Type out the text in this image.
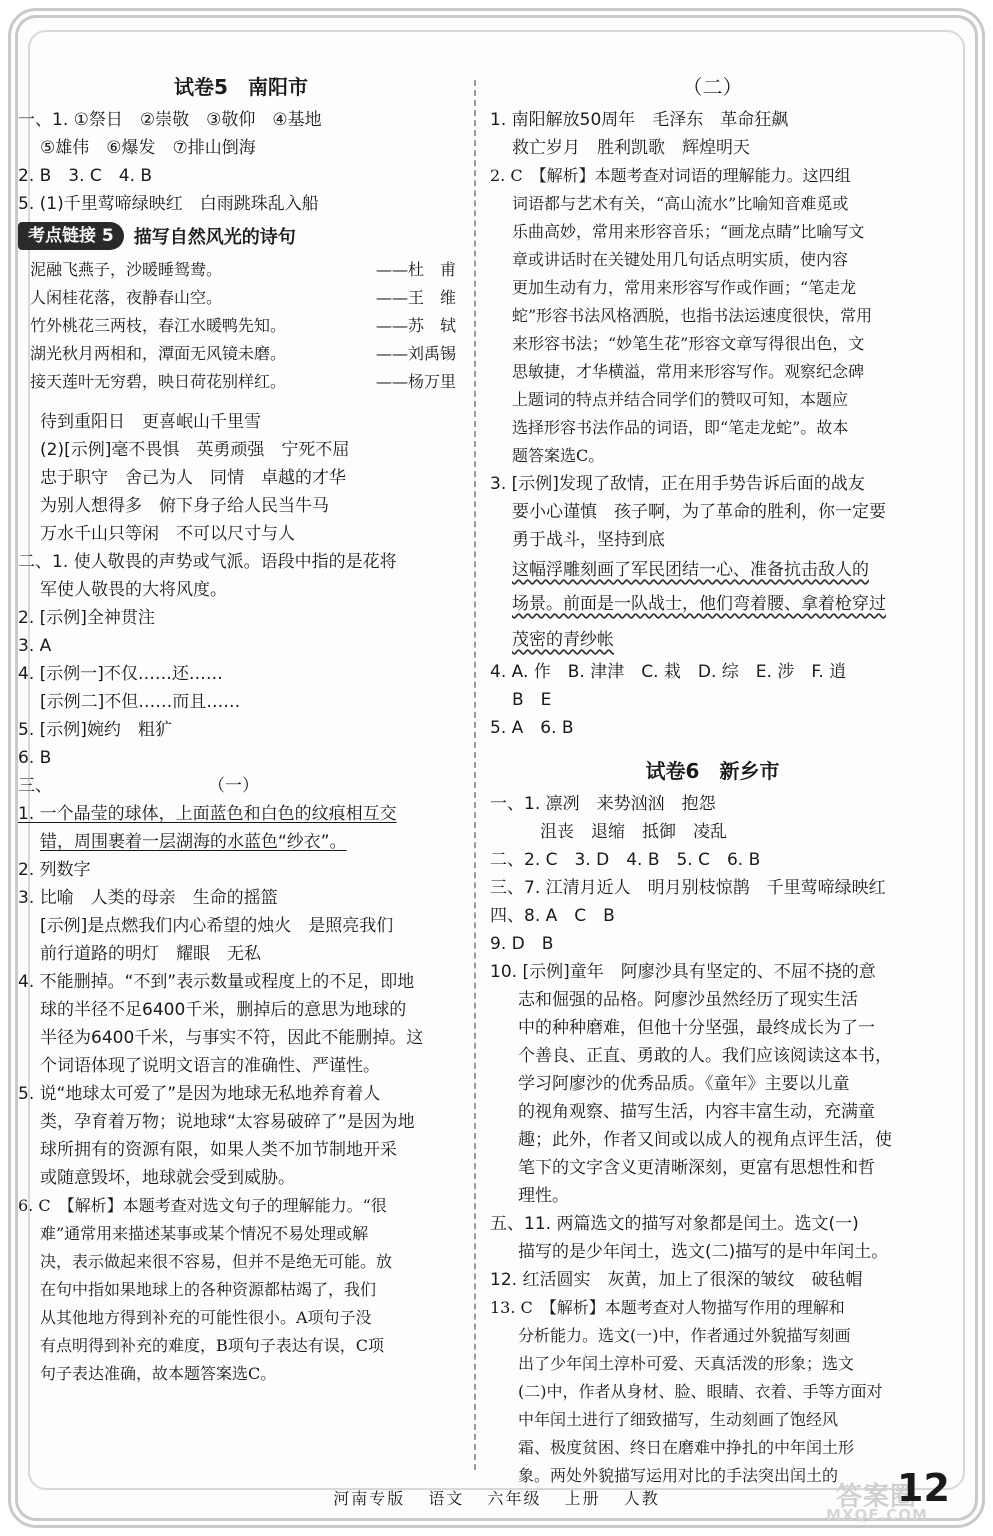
试卷5　南阳市
一、1. ①祭日　②崇敬　③敬仰　④基地
⑤雄伟　⑥爆发　⑦排山倒海
2. B　3. C　4. B
5. (1)千里莺啼绿映红　白雨跳珠乱入船
考点链接 5	描写自然风光的诗句
泥融飞燕子，沙暖睡鸳鸯。	——杜　甫
人闲桂花落，夜静春山空。	——王　维
竹外桃花三两枝，春江水暖鸭先知。	——苏　轼
湖光秋月两相和，潭面无风镜未磨。	——刘禹锡
接天莲叶无穷碧，映日荷花别样红。	——杨万里
待到重阳日　更喜岷山千里雪
(2)[示例]毫不畏惧　英勇顽强　宁死不屈
忠于职守　舍己为人　同情　卓越的才华
为别人想得多　俯下身子给人民当牛马
万水千山只等闲　不可以尺寸与人
二、1. 使人敬畏的声势或气派。语段中指的是花将
军使人敬畏的大将风度。
2. [示例]全神贯注
3. A
4. [示例一]不仅……还……
[示例二]不但……而且……
5. [示例]婉约　粗犷
6. B
三、	（一）
1. 一个晶莹的球体，上面蓝色和白色的纹痕相互交
错，周围裹着一层湖海的水蓝色“纱衣”。
2. 列数字
3. 比喻　人类的母亲　生命的摇篮
[示例]是点燃我们内心希望的烛火　是照亮我们
前行道路的明灯　耀眼　无私
4. 不能删掉。“不到”表示数量或程度上的不足，即地
球的半径不足6400千米，删掉后的意思为地球的
半径为6400千米，与事实不符，因此不能删掉。这
个词语体现了说明文语言的准确性、严谨性。
5. 说“地球太可爱了”是因为地球无私地养育着人
类，孕育着万物；说地球“太容易破碎了”是因为地
球所拥有的资源有限，如果人类不加节制地开采
或随意毁坏，地球就会受到威胁。
6. C　【解析】本题考查对选文句子的理解能力。“很
难”通常用来描述某事或某个情况不易处理或解
决，表示做起来很不容易，但并不是绝无可能。放
在句中指如果地球上的各种资源都枯竭了，我们
从其他地方得到补充的可能性很小。A项句子没
有点明得到补充的难度，B项句子表达有误，C项
句子表达准确，故本题答案选C。
（二）
1. 南阳解放50周年　毛泽东　革命狂飙
救亡岁月　胜利凯歌　辉煌明天
2. C　【解析】本题考查对词语的理解能力。这四组
词语都与艺术有关，“高山流水”比喻知音难觅或
乐曲高妙，常用来形容音乐；“画龙点睛”比喻写文
章或讲话时在关键处用几句话点明实质，使内容
更加生动有力，常用来形容写作或作画；“笔走龙
蛇”形容书法风格洒脱，也指书法运速度很快，常用
来形容书法；“妙笔生花”形容文章写得很出色，文
思敏捷，才华横溢，常用来形容写作。观察纪念碑
上题词的特点并结合同学们的赞叹可知，本题应
选择形容书法作品的词语，即“笔走龙蛇”。故本
题答案选C。
3. [示例]发现了敌情，正在用手势告诉后面的战友
要小心谨慎　孩子啊，为了革命的胜利，你一定要
勇于战斗，坚持到底
这幅浮雕刻画了军民团结一心、准备抗击敌人的
场景。前面是一队战士，他们弯着腰、拿着枪穿过
茂密的青纱帐
4. A. 作　B. 津津　C. 栽　D. 综　E. 涉　F. 逍
B　E
5. A　6. B
试卷6　新乡市
一、1. 凛冽　来势汹汹　抱怨
沮丧　退缩　抵御　凌乱
二、2. C　3. D　4. B　5. C　6. B
三、7. 江清月近人　明月别枝惊鹊　千里莺啼绿映红
四、8. A　C　B
9. D　B
10. [示例]童年　阿廖沙具有坚定的、不屈不挠的意
志和倔强的品格。阿廖沙虽然经历了现实生活
中的种种磨难，但他十分坚强，最终成长为了一
个善良、正直、勇敢的人。我们应该阅读这本书，
学习阿廖沙的优秀品质。《童年》主要以儿童
的视角观察、描写生活，内容丰富生动，充满童
趣；此外，作者又间或以成人的视角点评生活，使
笔下的文字含义更清晰深刻，更富有思想性和哲
理性。
五、11. 两篇选文的描写对象都是闰土。选文(一)
描写的是少年闰土，选文(二)描写的是中年闰土。
12. 红活圆实　灰黄，加上了很深的皱纹　破毡帽
13. C　【解析】本题考查对人物描写作用的理解和
分析能力。选文(一)中，作者通过外貌描写刻画
出了少年闰土淳朴可爱、天真活泼的形象；选文
(二)中，作者从身材、脸、眼睛、衣着、手等方面对
中年闰土进行了细致描写，生动刻画了饱经风
霜、极度贫困、终日在磨难中挣扎的中年闰土形
象。两处外貌描写运用对比的手法突出闰土的
河南专版 语文 六年级 上册 人教	答案圈
MXQE.COM
12
